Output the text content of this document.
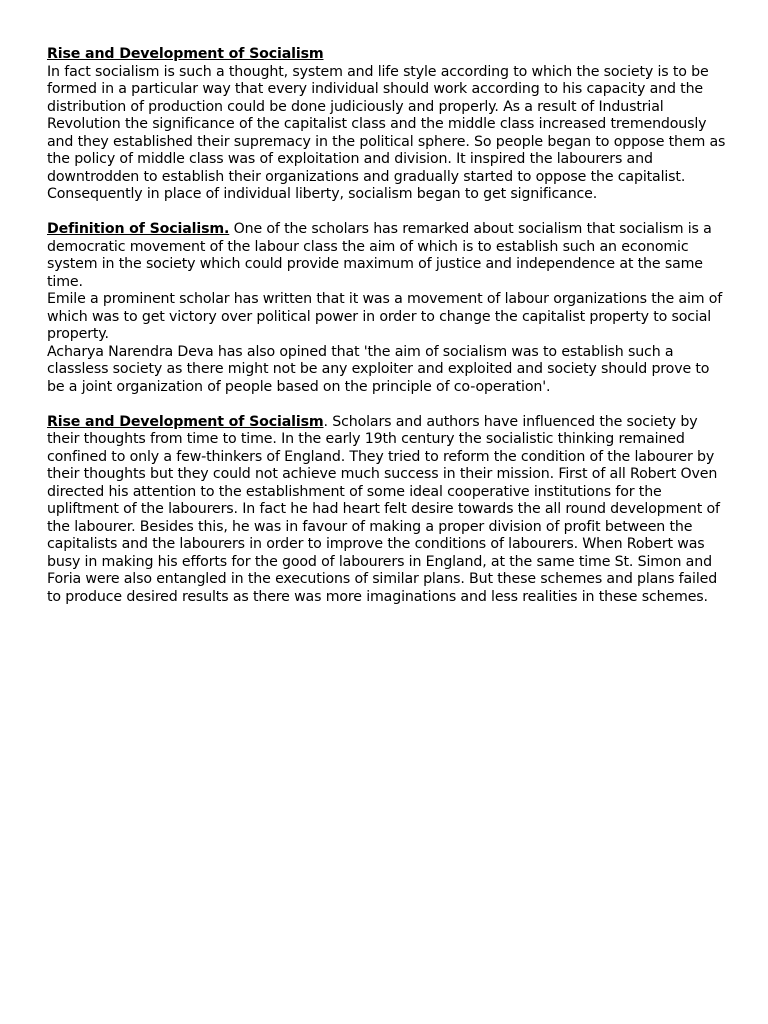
Rise and Development of Socialism

In fact socialism is such a thought, system and life style according to which the society is to be formed in a particular way that every individual should work according to his capacity and the distribution of production could be done judiciously and properly. As a result of Industrial Revolution the significance of the capitalist class and the middle class increased tremendously and they established their supremacy in the political sphere. So people began to oppose them as the policy of middle class was of exploitation and division. It inspired the labourers and downtrodden to establish their organizations and gradually started to oppose the capitalist. Consequently in place of individual liberty, socialism began to get significance.

Definition of Socialism. One of the scholars has remarked about socialism that socialism is a democratic movement of the labour class the aim of which is to establish such an economic system in the society which could provide maximum of justice and independence at the same time.

Emile a prominent scholar has written that it was a movement of labour organizations the aim of which was to get victory over political power in order to change the capitalist property to social property.

Acharya Narendra Deva has also opined that 'the aim of socialism was to establish such a classless society as there might not be any exploiter and exploited and society should prove to be a joint organization of people based on the principle of co-operation'.

Rise and Development of Socialism. Scholars and authors have influenced the society by their thoughts from time to time. In the early 19th century the socialistic thinking remained confined to only a few-thinkers of England. They tried to reform the condition of the labourer by their thoughts but they could not achieve much success in their mission. First of all Robert Oven directed his attention to the establishment of some ideal cooperative institutions for the upliftment of the labourers. In fact he had heart felt desire towards the all round development of the labourer. Besides this, he was in favour of making a proper division of profit between the capitalists and the labourers in order to improve the conditions of labourers. When Robert was busy in making his efforts for the good of labourers in England, at the same time St. Simon and Foria were also entangled in the executions of similar plans. But these schemes and plans failed to produce desired results as there was more imaginations and less realities in these schemes.
